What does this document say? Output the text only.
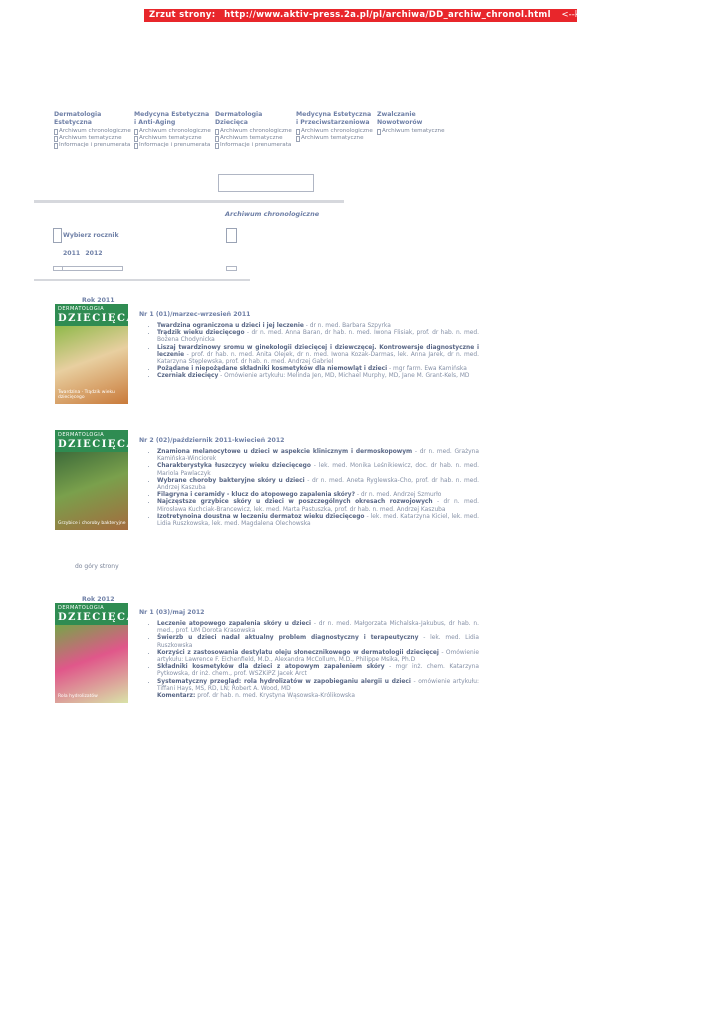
Zrzut strony: http://www.aktiv-press.2a.pl/pl/archiwa/DD_archiw_chronol.html <--kliknij na adresie
Dermatologia
Estetyczna
Archiwum chronologiczne
Archiwum tematyczne
Informacje i prenumerata
Medycyna Estetyczna
i Anti-Aging
Archiwum chronologiczne
Archiwum tematyczne
Informacje i prenumerata
Dermatologia
Dziecięca
Archiwum chronologiczne
Archiwum tematyczne
Informacje i prenumerata
Medycyna Estetyczna
i Przeciwstarzeniowa
Archiwum chronologiczne
Archiwum tematyczne
Zwalczanie
Nowotworów
Archiwum tematyczne
Archiwum chronologiczne
Wybierz rocznik
2011 2012
Rok 2011
DERMATOLOGIA
DZIECIĘCA
Twardzina · Trądzik wieku dziecięcego
Nr 1 (01)/marzec-wrzesień 2011
• Twardzina ograniczona u dzieci i jej leczenie - dr n. med. Barbara Szpyrka
• Trądzik wieku dziecięcego - dr n. med. Anna Baran, dr hab. n. med. Iwona Flisiak, prof. dr hab. n. med. Bożena Chodynicka
• Liszaj twardzinowy sromu w ginekologii dziecięcej i dziewczęcej. Kontrowersje diagnostyczne i leczenie - prof. dr hab. n. med. Anita Olejek, dr n. med. Iwona Kozak-Darmas, lek. Anna Jarek, dr n. med. Katarzyna Stęplewska, prof. dr hab. n. med. Andrzej Gabriel
• Pożądane i niepożądane składniki kosmetyków dla niemowląt i dzieci - mgr farm. Ewa Kamińska
• Czerniak dziecięcy - Omówienie artykułu: Melinda Jen, MD, Michael Murphy, MD, Jane M. Grant-Kels, MD
DERMATOLOGIA
DZIECIĘCA
Grzybice i choroby bakteryjne
Nr 2 (02)/październik 2011-kwiecień 2012
• Znamiona melanocytowe u dzieci w aspekcie klinicznym i dermoskopowym - dr n. med. Grażyna Kamińska-Winciorek
• Charakterystyka łuszczycy wieku dziecięcego - lek. med. Monika Leśnikiewicz, doc. dr hab. n. med. Mariola Pawlaczyk
• Wybrane choroby bakteryjne skóry u dzieci - dr n. med. Aneta Ryglewska-Cho, prof. dr hab. n. med. Andrzej Kaszuba
• Filagryna i ceramidy - klucz do atopowego zapalenia skóry? - dr n. med. Andrzej Szmurło
• Najczęstsze grzybice skóry u dzieci w poszczególnych okresach rozwojowych - dr n. med. Mirosława Kuchciak-Brancewicz, lek. med. Marta Pastuszka, prof. dr hab. n. med. Andrzej Kaszuba
• Izotretynoina doustna w leczeniu dermatoz wieku dziecięcego - lek. med. Katarzyna Kiciel, lek. med. Lidia Ruszkowska, lek. med. Magdalena Olechowska
Rok 2012
DERMATOLOGIA
DZIECIĘCA
Rola hydrolizatów
Nr 1 (03)/maj 2012
• Leczenie atopowego zapalenia skóry u dzieci - dr n. med. Małgorzata Michalska-Jakubus, dr hab. n. med., prof. UM Dorota Krasowska
• Świerzb u dzieci nadal aktualny problem diagnostyczny i terapeutyczny - lek. med. Lidia Ruszkowska
• Korzyści z zastosowania destylatu oleju słonecznikowego w dermatologii dziecięcej - Omówienie artykułu: Lawrence F. Eichenfield, M.D., Alexandra McCollum, M.D., Philippe Msika, Ph.D
• Składniki kosmetyków dla dzieci z atopowym zapaleniem skóry - mgr inż. chem. Katarzyna Pytkowska, dr inż. chem., prof. WSZKiPZ Jacek Arct
• Systematyczny przegląd: rola hydrolizatów w zapobieganiu alergii u dzieci - omówienie artykułu: Tiffani Hays, MS, RD, LN; Robert A. Wood, MD
Komentarz: prof. dr hab. n. med. Krystyna Wąsowska-Królikowska
do góry strony
